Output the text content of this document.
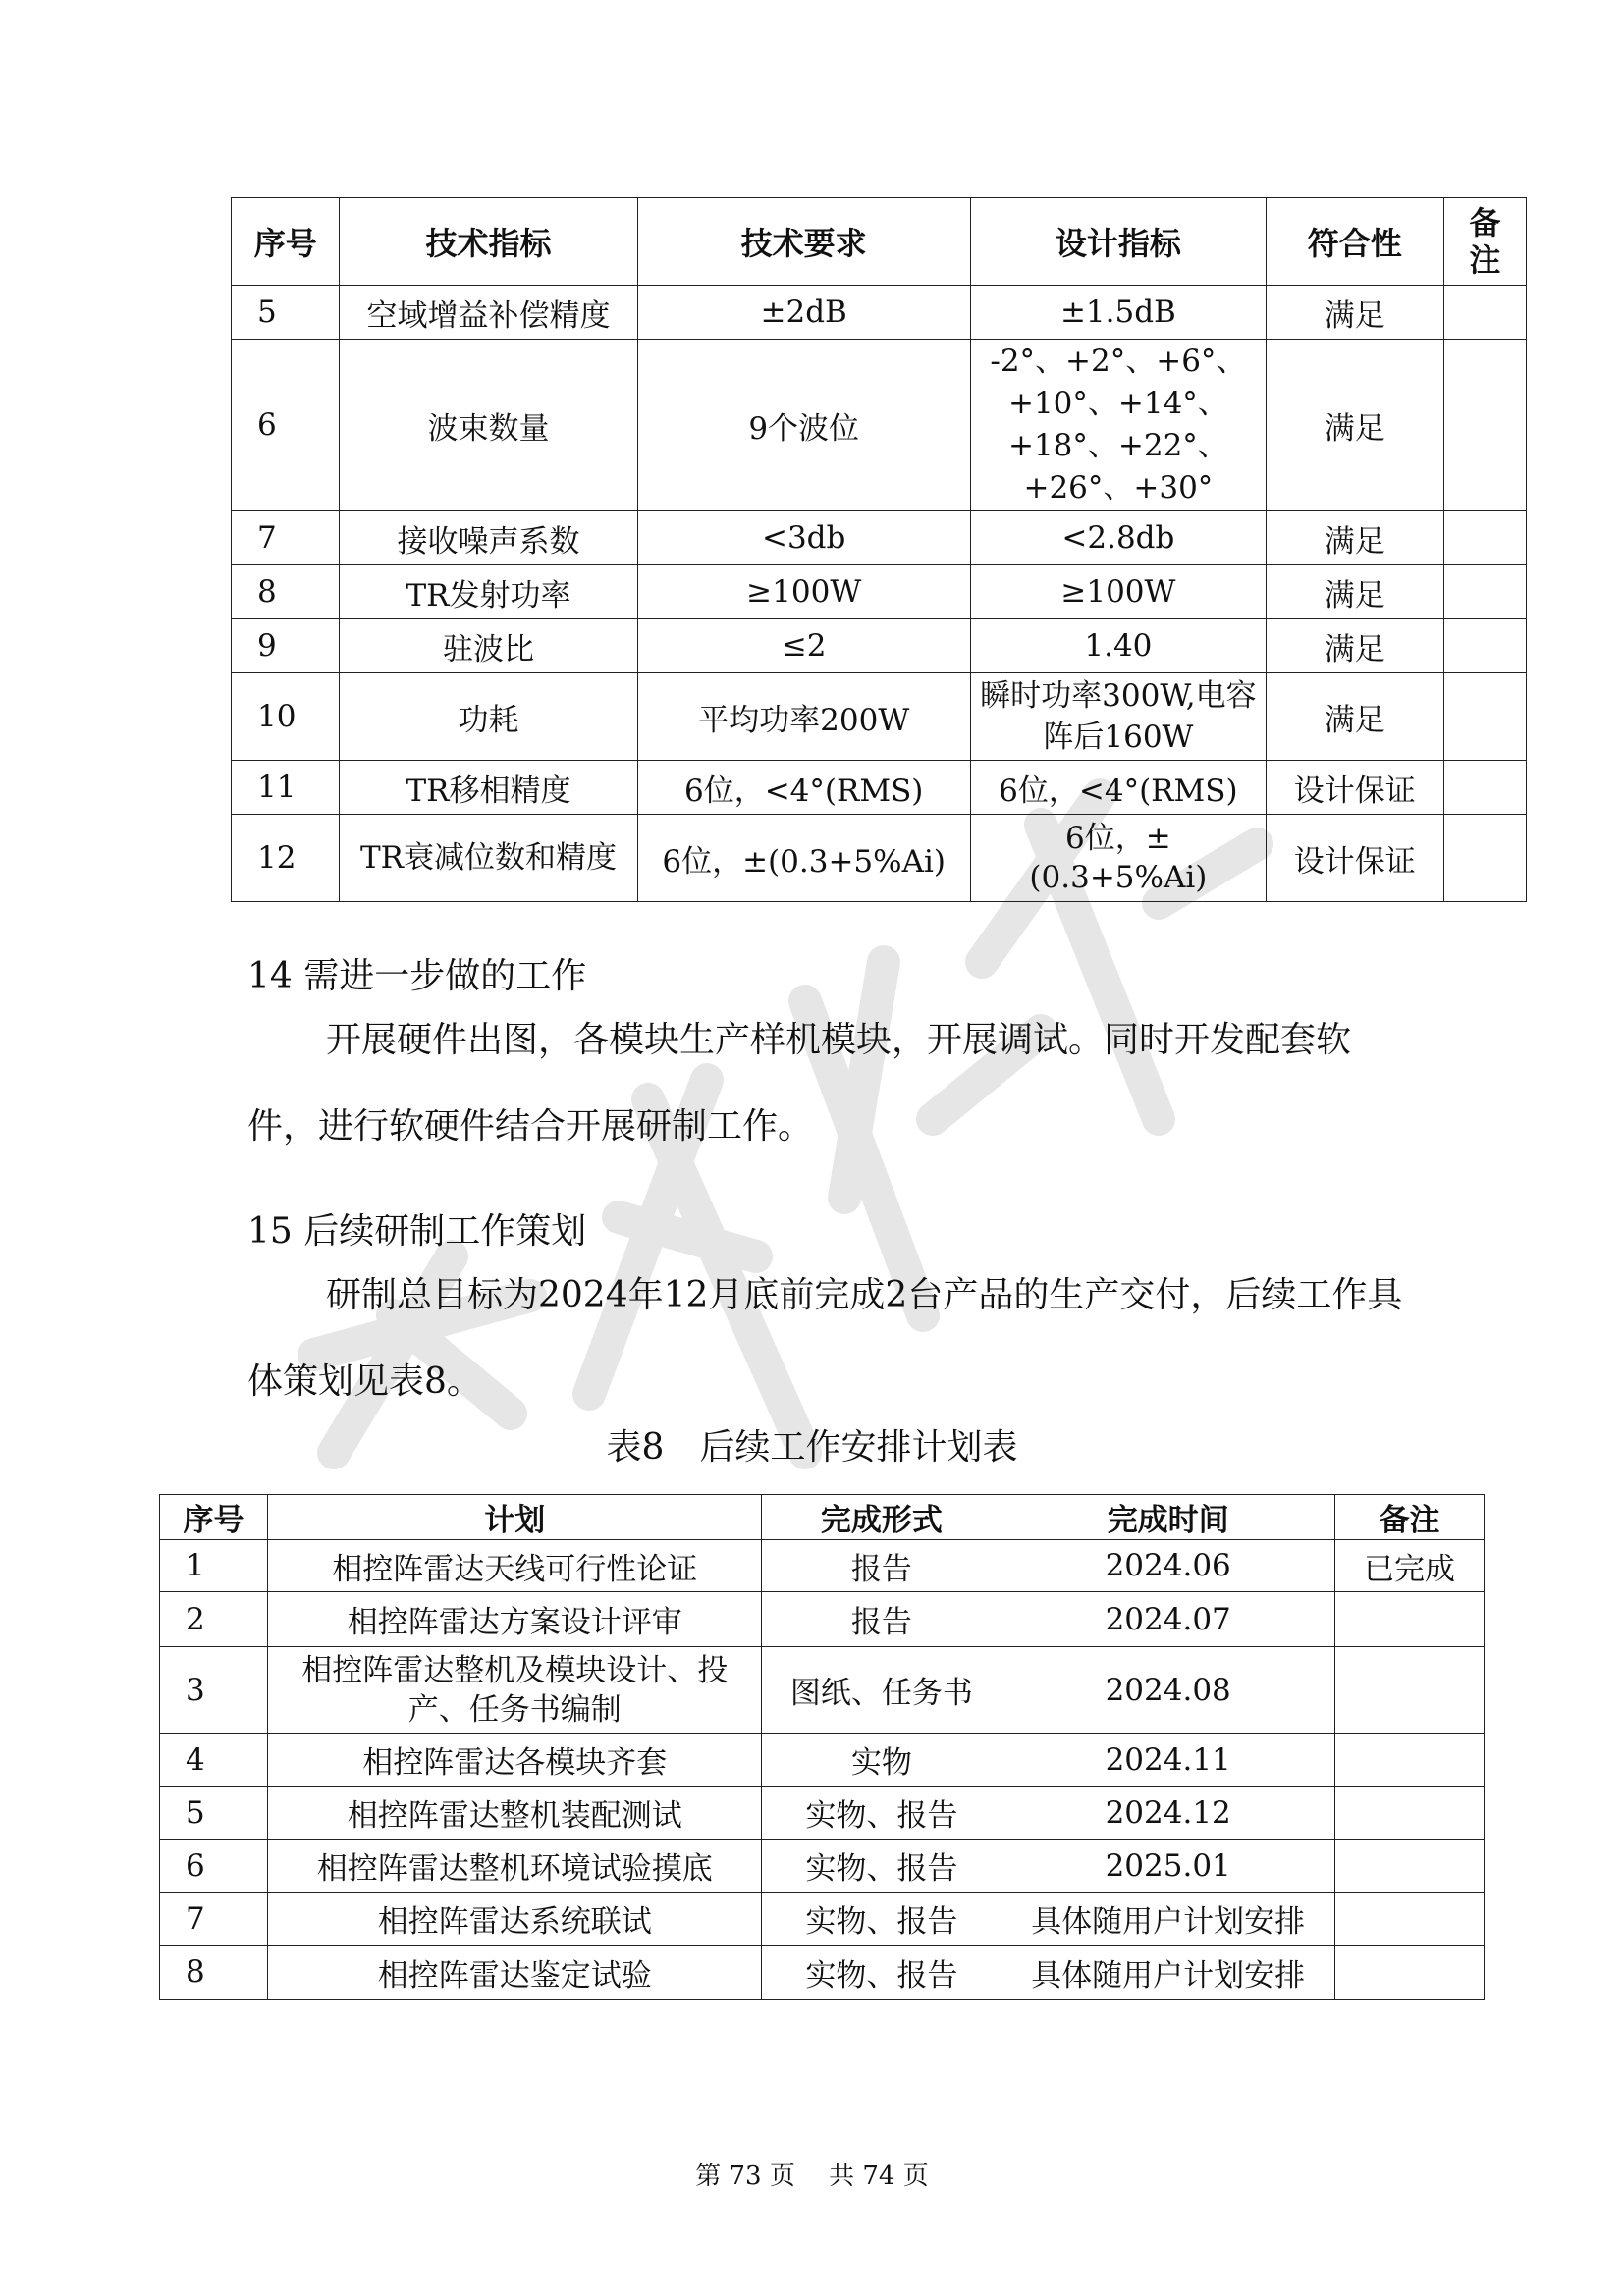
序号	技术指标	技术要求	设计指标	符合性	备注
5	空域增益补偿精度	±2dB	±1.5dB	满足	
6	波束数量	9个波位	-2°、+2°、+6°、+10°、+14°、+18°、+22°、+26°、+30°	满足	
7	接收噪声系数	<3db	<2.8db	满足	
8	TR发射功率	≥100W	≥100W	满足	
9	驻波比	≤2	1.40	满足	
10	功耗	平均功率200W	瞬时功率300W,电容阵后160W	满足	
11	TR移相精度	6位，<4°(RMS)	6位，<4°(RMS)	设计保证	
12	TR衰减位数和精度	6位，±(0.3+5%Ai)	6位，±(0.3+5%Ai)	设计保证	
14 需进一步做的工作

开展硬件出图，各模块生产样机模块，开展调试。同时开发配套软件，进行软硬件结合开展研制工作。

15 后续研制工作策划

研制总目标为2024年12月底前完成2台产品的生产交付，后续工作具体策划见表8。

表8　后续工作安排计划表
序号	计划	完成形式	完成时间	备注
1	相控阵雷达天线可行性论证	报告	2024.06	已完成
2	相控阵雷达方案设计评审	报告	2024.07	
3	相控阵雷达整机及模块设计、投产、任务书编制	图纸、任务书	2024.08	
4	相控阵雷达各模块齐套	实物	2024.11	
5	相控阵雷达整机装配测试	实物、报告	2024.12	
6	相控阵雷达整机环境试验摸底	实物、报告	2025.01	
7	相控阵雷达系统联试	实物、报告	具体随用户计划安排	
8	相控阵雷达鉴定试验	实物、报告	具体随用户计划安排	
第 73 页　 共 74 页
